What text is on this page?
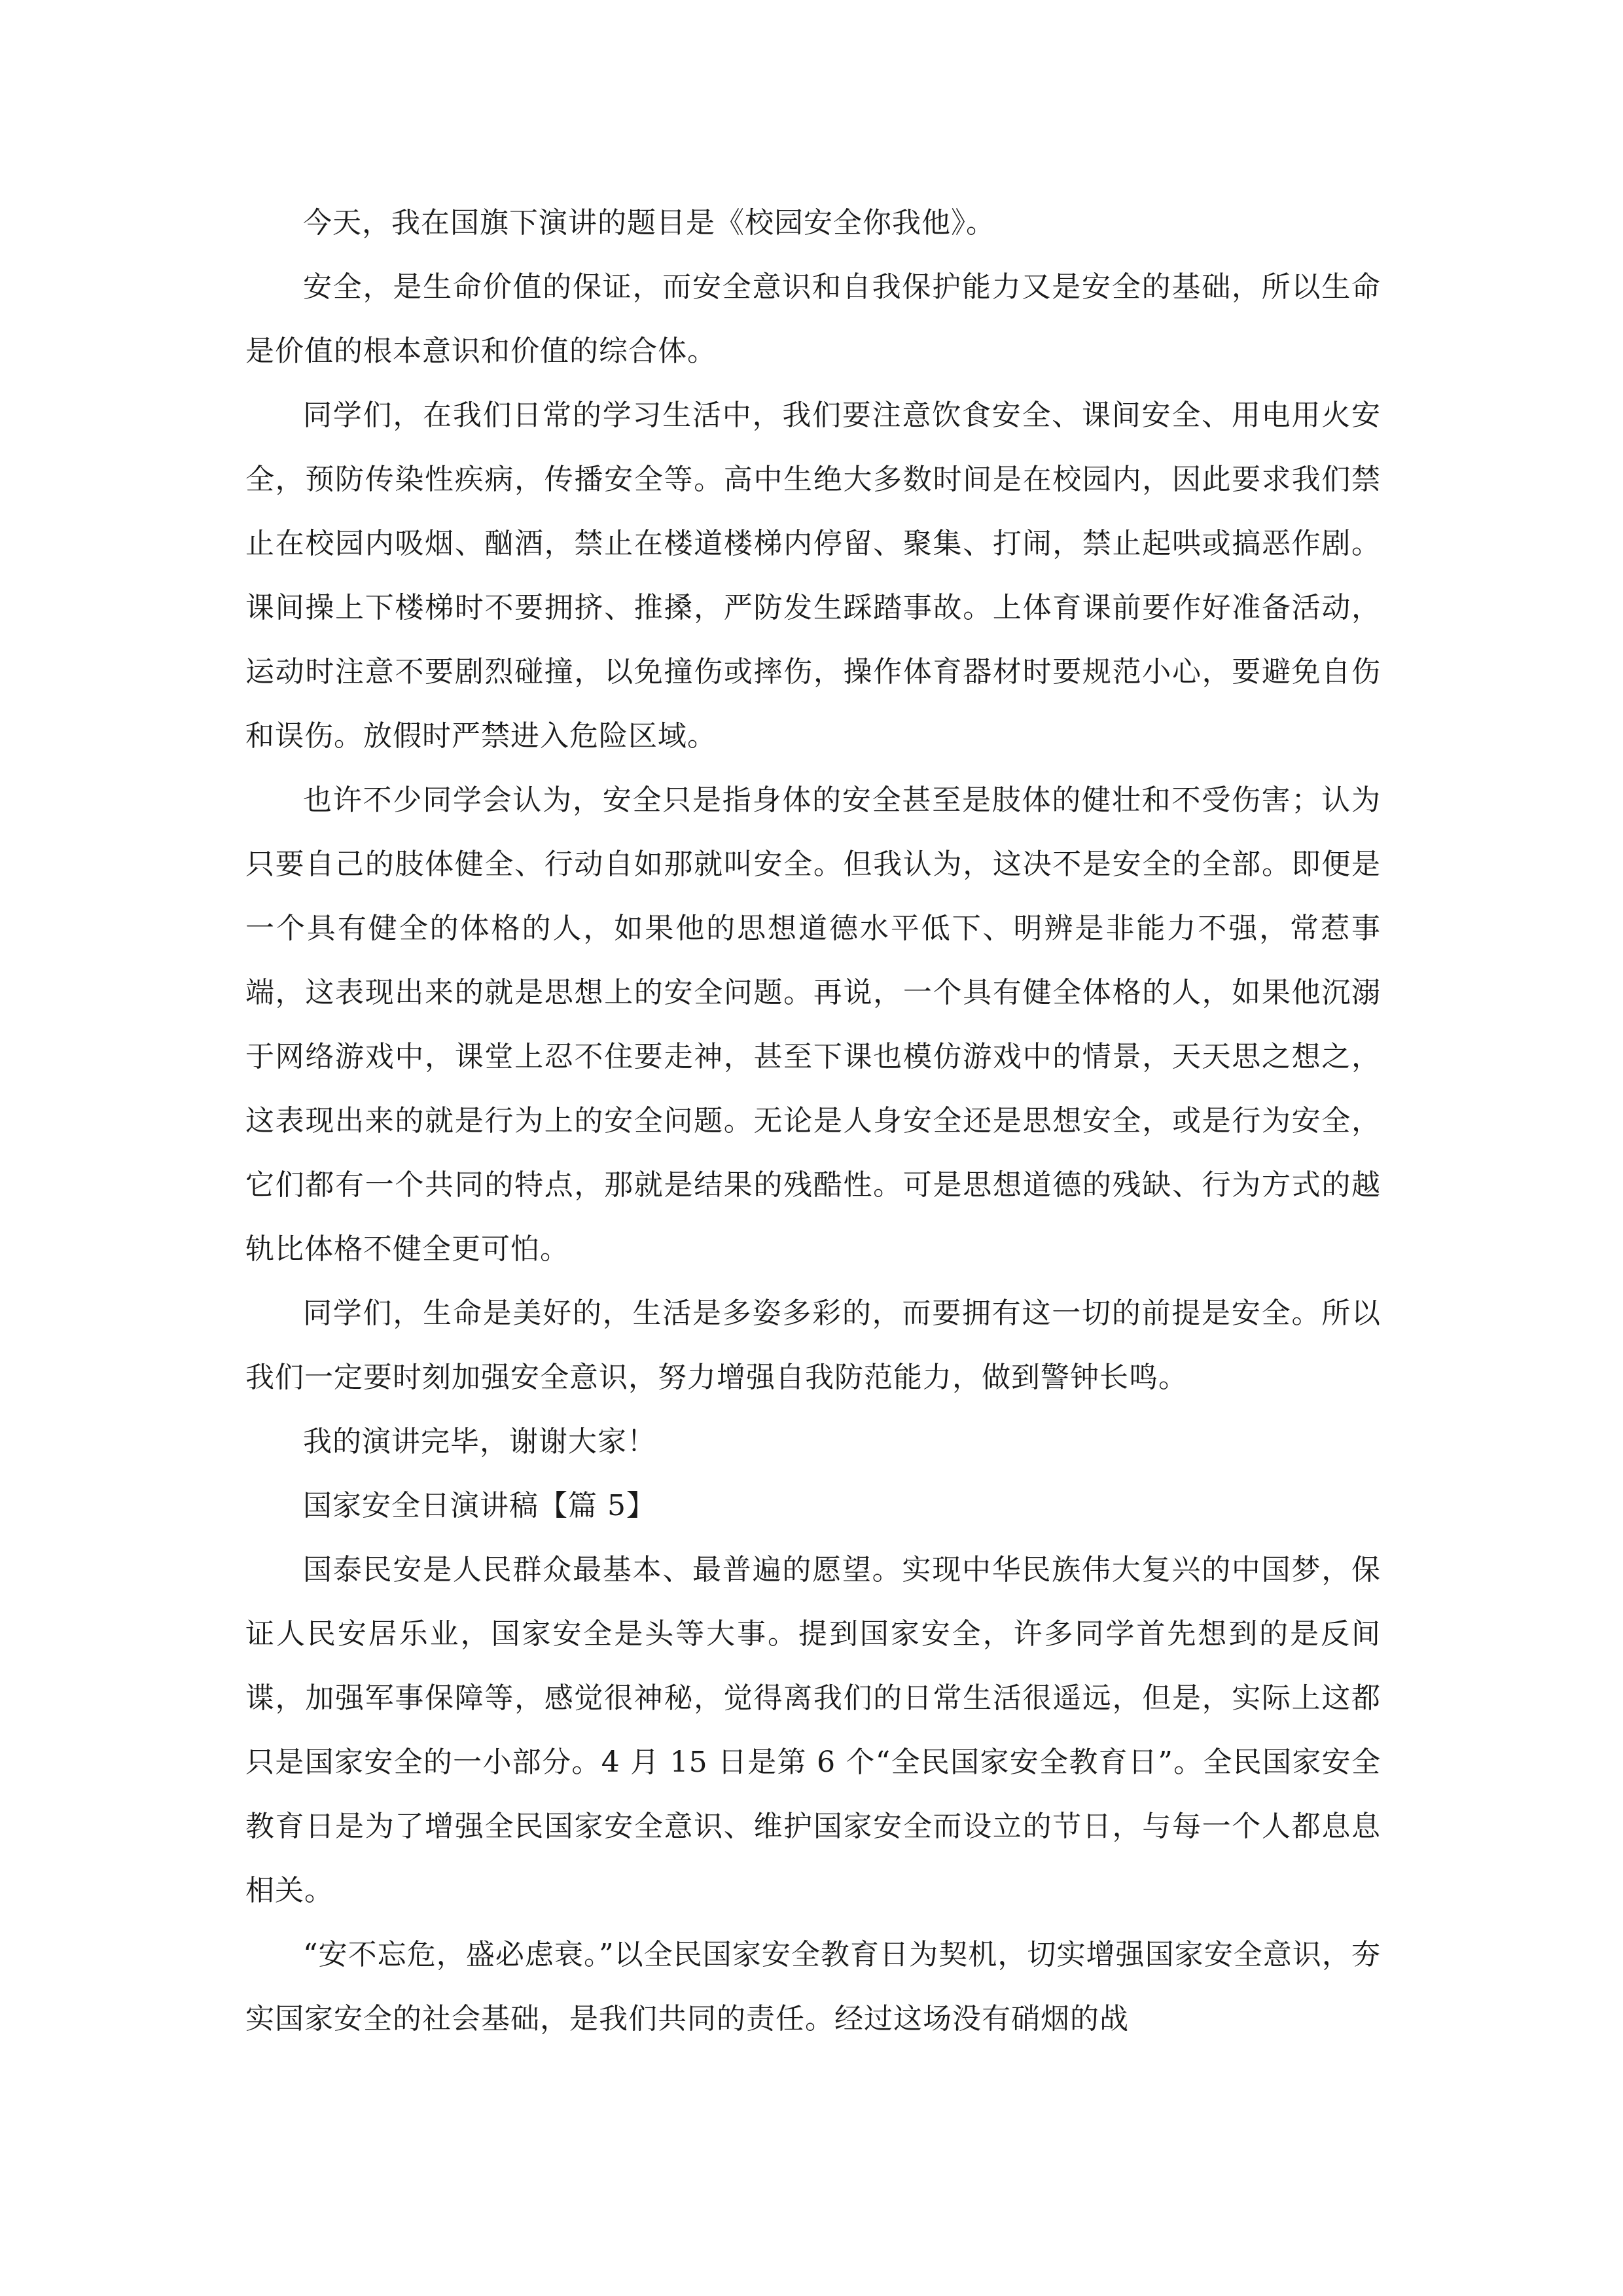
今天，我在国旗下演讲的题目是《校园安全你我他》。

安全，是生命价值的保证，而安全意识和自我保护能力又是安全的基础，所以生命是价值的根本意识和价值的综合体。

同学们，在我们日常的学习生活中，我们要注意饮食安全、课间安全、用电用火安全，预防传染性疾病，传播安全等。高中生绝大多数时间是在校园内，因此要求我们禁止在校园内吸烟、酗酒，禁止在楼道楼梯内停留、聚集、打闹，禁止起哄或搞恶作剧。课间操上下楼梯时不要拥挤、推搡，严防发生踩踏事故。上体育课前要作好准备活动，运动时注意不要剧烈碰撞，以免撞伤或摔伤，操作体育器材时要规范小心，要避免自伤和误伤。放假时严禁进入危险区域。

也许不少同学会认为，安全只是指身体的安全甚至是肢体的健壮和不受伤害；认为只要自己的肢体健全、行动自如那就叫安全。但我认为，这决不是安全的全部。即便是一个具有健全的体格的人，如果他的思想道德水平低下、明辨是非能力不强，常惹事端，这表现出来的就是思想上的安全问题。再说，一个具有健全体格的人，如果他沉溺于网络游戏中，课堂上忍不住要走神，甚至下课也模仿游戏中的情景，天天思之想之，这表现出来的就是行为上的安全问题。无论是人身安全还是思想安全，或是行为安全，它们都有一个共同的特点，那就是结果的残酷性。可是思想道德的残缺、行为方式的越轨比体格不健全更可怕。

同学们，生命是美好的，生活是多姿多彩的，而要拥有这一切的前提是安全。所以我们一定要时刻加强安全意识，努力增强自我防范能力，做到警钟长鸣。

我的演讲完毕，谢谢大家！

国家安全日演讲稿【篇 5】

国泰民安是人民群众最基本、最普遍的愿望。实现中华民族伟大复兴的中国梦，保证人民安居乐业，国家安全是头等大事。提到国家安全，许多同学首先想到的是反间谍，加强军事保障等，感觉很神秘，觉得离我们的日常生活很遥远，但是，实际上这都只是国家安全的一小部分。4 月 15 日是第 6 个“全民国家安全教育日”。全民国家安全教育日是为了增强全民国家安全意识、维护国家安全而设立的节日，与每一个人都息息相关。

“安不忘危，盛必虑衰。”以全民国家安全教育日为契机，切实增强国家安全意识，夯实国家安全的社会基础，是我们共同的责任。经过这场没有硝烟的战
